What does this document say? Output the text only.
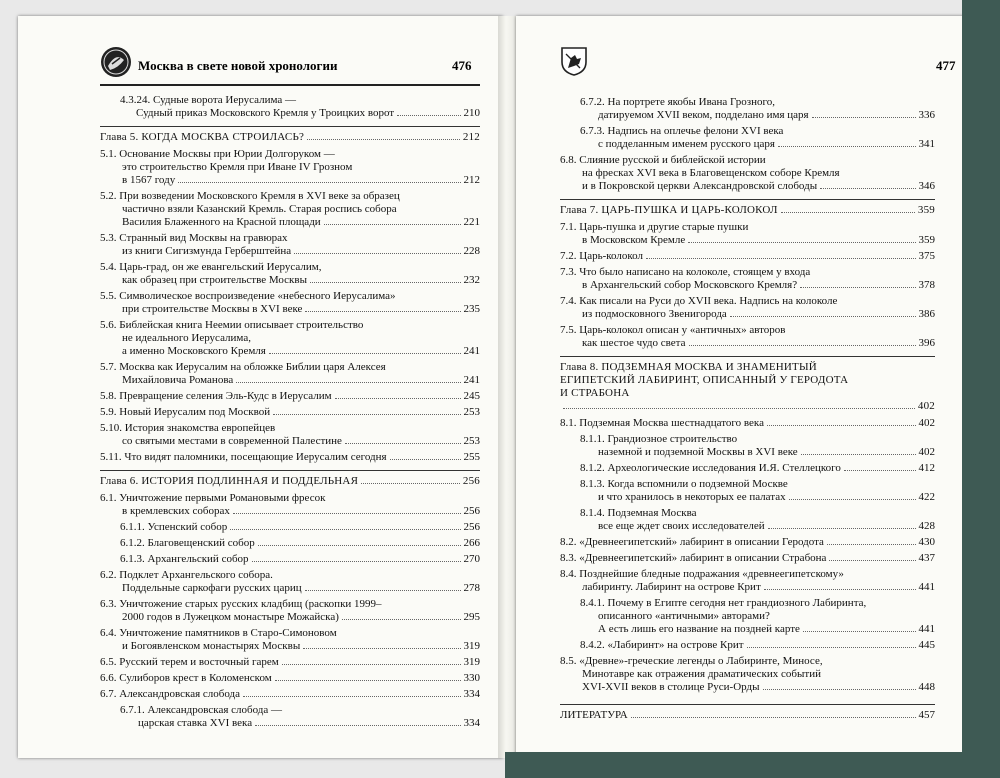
Москва в свете новой хронологии	476	477
4.3.24. Судные ворота Иерусалима —
Судный приказ Московского Кремля у Троицких ворот	210
Глава 5. КОГДА МОСКВА СТРОИЛАСЬ?	212
5.1. Основание Москвы при Юрии Долгоруком —
это строительство Кремля при Иване IV Грозном
в 1567 году	212
5.2. При возведении Московского Кремля в XVI веке за образец
частично взяли Казанский Кремль. Старая роспись собора
Василия Блаженного на Красной площади	221
5.3. Странный вид Москвы на гравюрах
из книги Сигизмунда Герберштейна	228
5.4. Царь-град, он же евангельский Иерусалим,
как образец при строительстве Москвы	232
5.5. Символическое воспроизведение «небесного Иерусалима»
при строительстве Москвы в XVI веке	235
5.6. Библейская книга Неемии описывает строительство
не идеального Иерусалима,
а именно Московского Кремля	241
5.7. Москва как Иерусалим на обложке Библии царя Алексея
Михайловича Романова	241
5.8. Превращение селения Эль-Кудс в Иерусалим	245
5.9. Новый Иерусалим под Москвой	253
5.10. История знакомства европейцев
со святыми местами в современной Палестине	253
5.11. Что видят паломники, посещающие Иерусалим сегодня	255
Глава 6. ИСТОРИЯ ПОДЛИННАЯ И ПОДДЕЛЬНАЯ	256
6.1. Уничтожение первыми Романовыми фресок
в кремлевских соборах	256
6.1.1. Успенский собор	256
6.1.2. Благовещенский собор	266
6.1.3. Архангельский собор	270
6.2. Подклет Архангельского собора.
Поддельные саркофаги русских цариц	278
6.3. Уничтожение старых русских кладбищ (раскопки 1999–
2000 годов в Лужецком монастыре Можайска)	295
6.4. Уничтожение памятников в Старо-Симоновом
и Богоявленском монастырях Москвы	319
6.5. Русский терем и восточный гарем	319
6.6. Сулиборов крест в Коломенском	330
6.7. Александровская слобода	334
6.7.1. Александровская слобода —
царская ставка XVI века	334
6.7.2. На портрете якобы Ивана Грозного,
датируемом XVII веком, подделано имя царя	336
6.7.3. Надпись на оплечье фелони XVI века
с подделанным именем русского царя	341
6.8. Слияние русской и библейской истории
на фресках XVI века в Благовещенском соборе Кремля
и в Покровской церкви Александровской слободы	346
Глава 7. ЦАРЬ-ПУШКА И ЦАРЬ-КОЛОКОЛ	359
7.1. Царь-пушка и другие старые пушки
в Московском Кремле	359
7.2. Царь-колокол	375
7.3. Что было написано на колоколе, стоящем у входа
в Архангельский собор Московского Кремля?	378
7.4. Как писали на Руси до XVII века. Надпись на колоколе
из подмосковного Звенигорода	386
7.5. Царь-колокол описан у «античных» авторов
как шестое чудо света	396
Глава 8. ПОДЗЕМНАЯ МОСКВА И ЗНАМЕНИТЫЙ
ЕГИПЕТСКИЙ ЛАБИРИНТ, ОПИСАННЫЙ У ГЕРОДОТА
И СТРАБОНА
402
8.1. Подземная Москва шестнадцатого века	402
8.1.1. Грандиозное строительство
наземной и подземной Москвы в XVI веке	402
8.1.2. Археологические исследования И.Я. Стеллецкого	412
8.1.3. Когда вспомнили о подземной Москве
и что хранилось в некоторых ее палатах	422
8.1.4. Подземная Москва
все еще ждет своих исследователей	428
8.2. «Древнеегипетский» лабиринт в описании Геродота	430
8.3. «Древнеегипетский» лабиринт в описании Страбона	437
8.4. Позднейшие бледные подражания «древнеегипетскому»
лабиринту. Лабиринт на острове Крит	441
8.4.1. Почему в Египте сегодня нет грандиозного Лабиринта,
описанного «античными» авторами?
А есть лишь его название на поздней карте	441
8.4.2. «Лабиринт» на острове Крит	445
8.5. «Древне»-греческие легенды о Лабиринте, Миносе,
Минотавре как отражения драматических событий
XVI-XVII веков в столице Руси-Орды	448
ЛИТЕРАТУРА	457
